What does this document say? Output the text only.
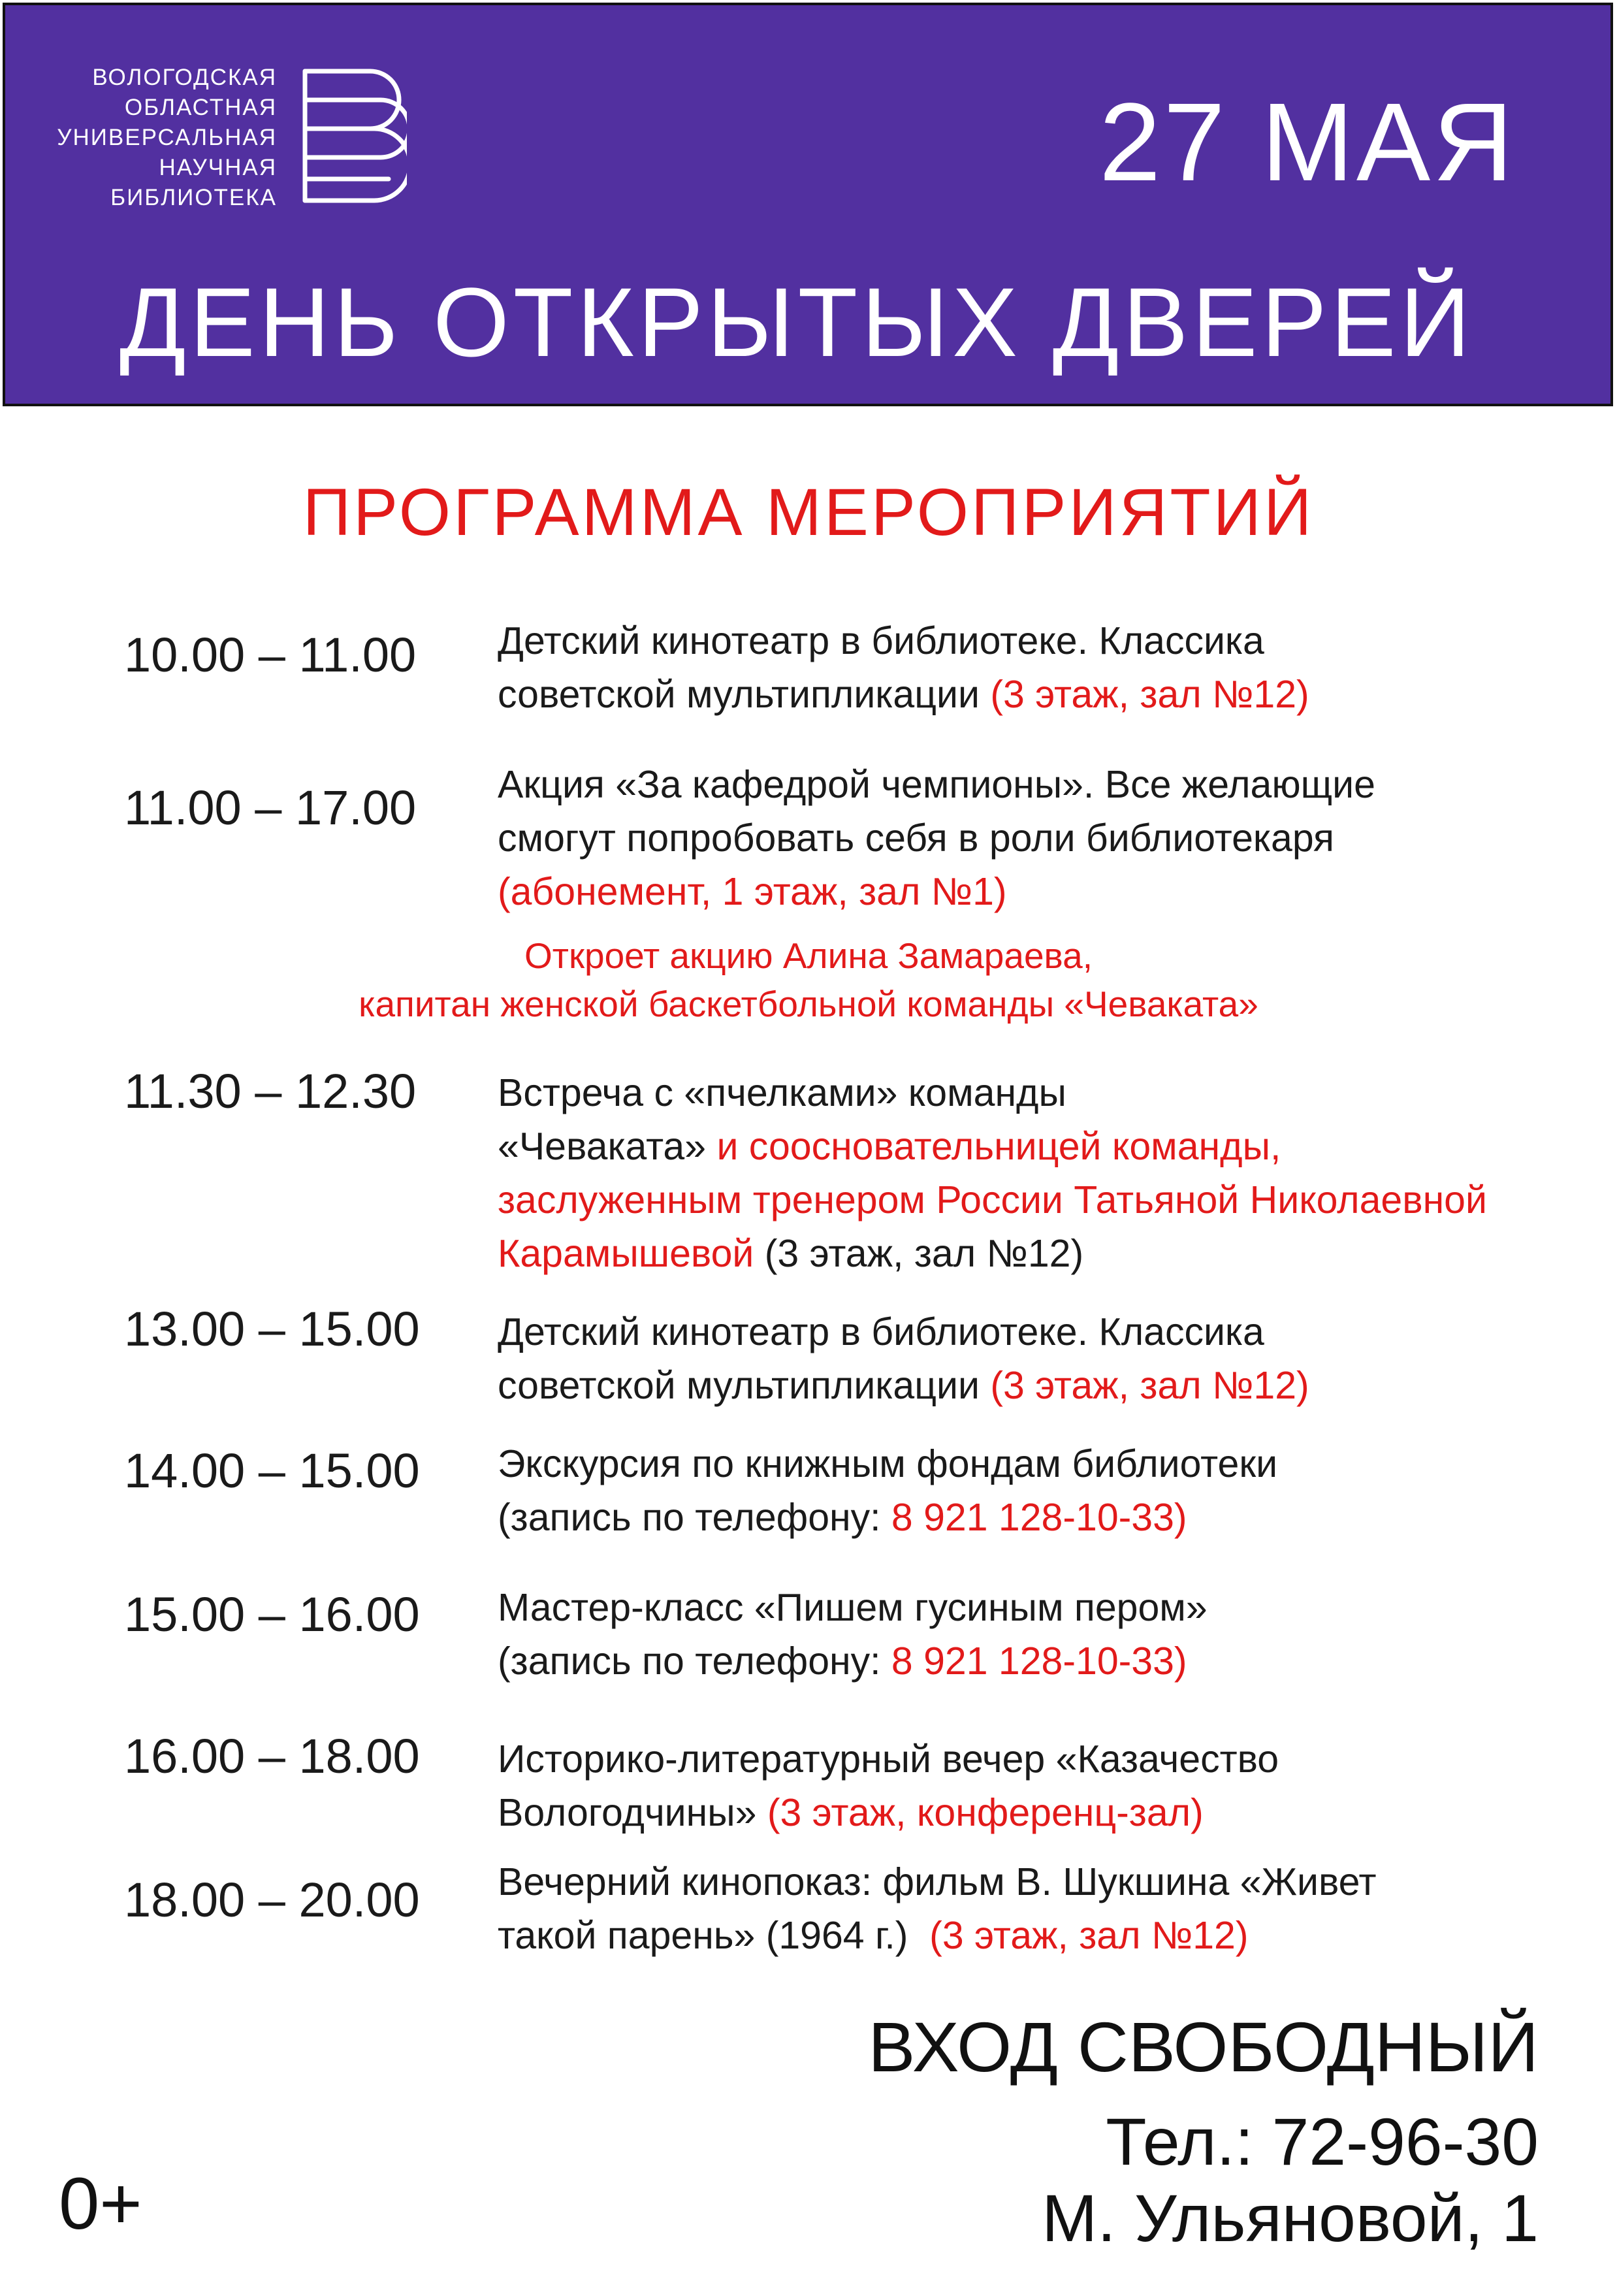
ВОЛОГОДСКАЯ
ОБЛАСТНАЯ
УНИВЕРСАЛЬНАЯ
НАУЧНАЯ
БИБЛИОТЕКА	27 МАЯ
ДЕНЬ ОТКРЫТЫХ ДВЕРЕЙ
ПРОГРАММА МЕРОПРИЯТИЙ
10.00 – 11.00 Детский кинотеатр в библиотеке. Классика
советской мультипликации (3 этаж, зал №12)
11.00 – 17.00 Акция «За кафедрой чемпионы». Все желающие
смогут попробовать себя в роли библиотекаря
(абонемент, 1 этаж, зал №1)
Откроет акцию Алина Замараева,
капитан женской баскетбольной команды «Чеваката»
11.30 – 12.30 Встреча с «пчелками» команды
«Чеваката» и соосновательницей команды,
заслуженным тренером России Татьяной Николаевной
Карамышевой (3 этаж, зал №12)
13.00 – 15.00 Детский кинотеатр в библиотеке. Классика
советской мультипликации (3 этаж, зал №12)
14.00 – 15.00 Экскурсия по книжным фондам библиотеки
(запись по телефону: 8 921 128-10-33)
15.00 – 16.00 Мастер-класс «Пишем гусиным пером»
(запись по телефону: 8 921 128-10-33)
16.00 – 18.00 Историко-литературный вечер «Казачество
Вологодчины» (3 этаж, конференц-зал)
18.00 – 20.00 Вечерний кинопоказ: фильм В. Шукшина «Живет
такой парень» (1964 г.)  (3 этаж, зал №12)
ВХОД СВОБОДНЫЙ
Тел.: 72-96-30
М. Ульяновой, 1
0+
